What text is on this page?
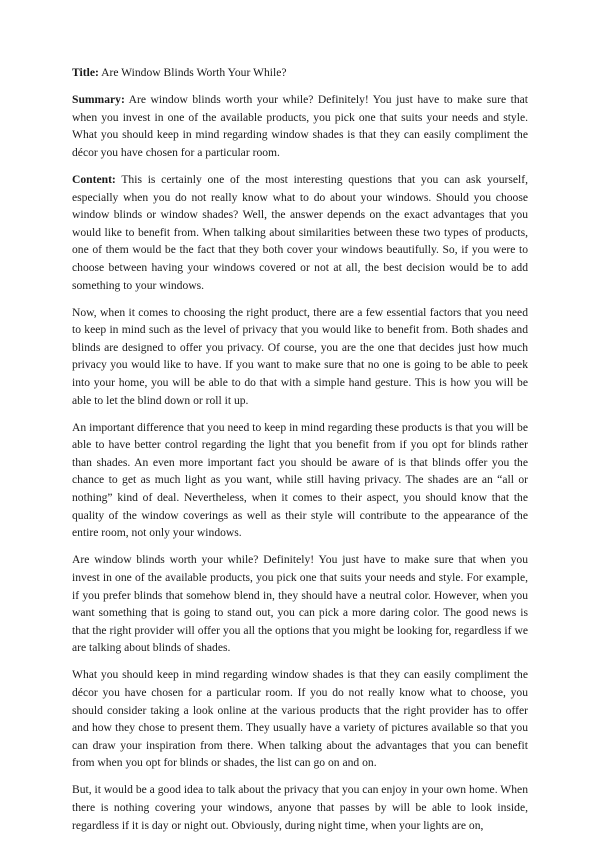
Title: Are Window Blinds Worth Your While?

Summary: Are window blinds worth your while? Definitely! You just have to make sure that when you invest in one of the available products, you pick one that suits your needs and style. What you should keep in mind regarding window shades is that they can easily compliment the décor you have chosen for a particular room.

Content: This is certainly one of the most interesting questions that you can ask yourself, especially when you do not really know what to do about your windows. Should you choose window blinds or window shades? Well, the answer depends on the exact advantages that you would like to benefit from. When talking about similarities between these two types of products, one of them would be the fact that they both cover your windows beautifully. So, if you were to choose between having your windows covered or not at all, the best decision would be to add something to your windows.

Now, when it comes to choosing the right product, there are a few essential factors that you need to keep in mind such as the level of privacy that you would like to benefit from. Both shades and blinds are designed to offer you privacy. Of course, you are the one that decides just how much privacy you would like to have. If you want to make sure that no one is going to be able to peek into your home, you will be able to do that with a simple hand gesture. This is how you will be able to let the blind down or roll it up.

An important difference that you need to keep in mind regarding these products is that you will be able to have better control regarding the light that you benefit from if you opt for blinds rather than shades. An even more important fact you should be aware of is that blinds offer you the chance to get as much light as you want, while still having privacy. The shades are an “all or nothing” kind of deal. Nevertheless, when it comes to their aspect, you should know that the quality of the window coverings as well as their style will contribute to the appearance of the entire room, not only your windows.

Are window blinds worth your while? Definitely! You just have to make sure that when you invest in one of the available products, you pick one that suits your needs and style. For example, if you prefer blinds that somehow blend in, they should have a neutral color. However, when you want something that is going to stand out, you can pick a more daring color. The good news is that the right provider will offer you all the options that you might be looking for, regardless if we are talking about blinds of shades.

What you should keep in mind regarding window shades is that they can easily compliment the décor you have chosen for a particular room. If you do not really know what to choose, you should consider taking a look online at the various products that the right provider has to offer and how they chose to present them. They usually have a variety of pictures available so that you can draw your inspiration from there. When talking about the advantages that you can benefit from when you opt for blinds or shades, the list can go on and on.

But, it would be a good idea to talk about the privacy that you can enjoy in your own home. When there is nothing covering your windows, anyone that passes by will be able to look inside, regardless if it is day or night out. Obviously, during night time, when your lights are on,
